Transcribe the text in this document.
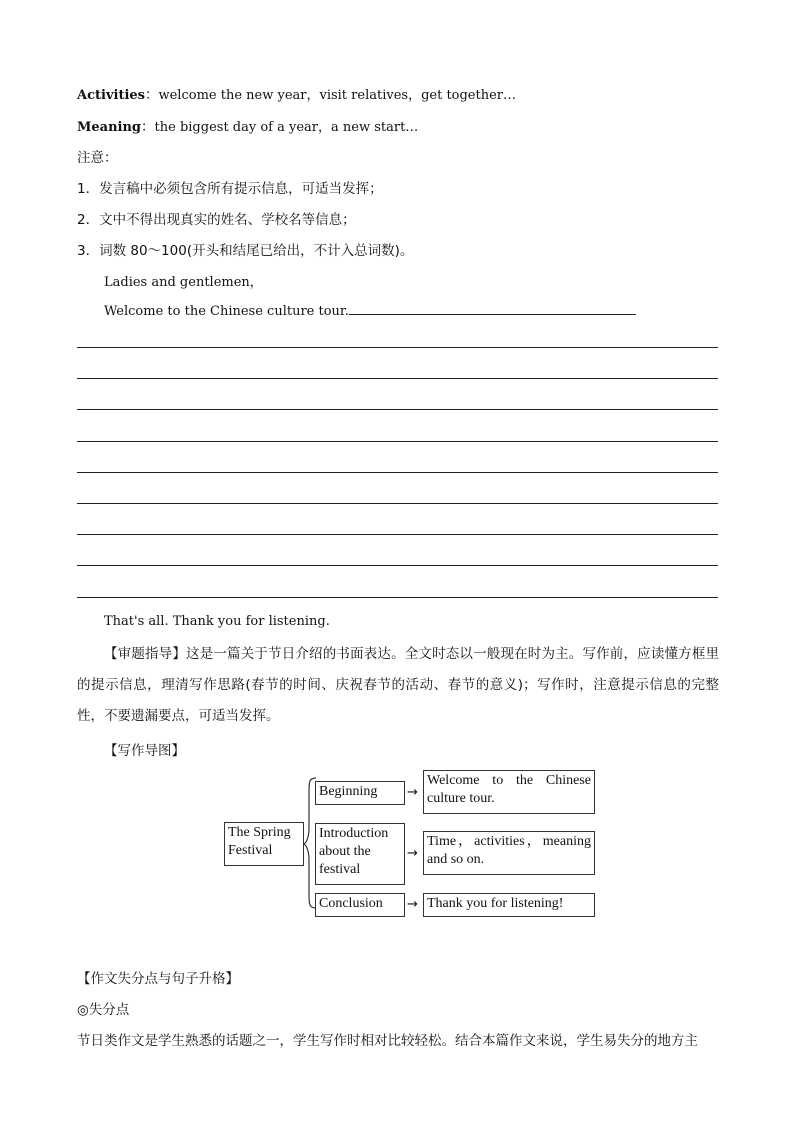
Activities：welcome the new year，visit relatives，get together…
Meaning：the biggest day of a year，a new start…
注意：
1．发言稿中必须包含所有提示信息，可适当发挥；
2．文中不得出现真实的姓名、学校名等信息；
3．词数 80～100(开头和结尾已给出，不计入总词数)。
Ladies and gentlemen，
Welcome to the Chinese culture tour.
That's all. Thank you for listening.
【审题指导】这是一篇关于节日介绍的书面表达。全文时态以一般现在时为主。写作前，应读懂方框里的提示信息，理清写作思路(春节的时间、庆祝春节的活动、春节的意义)；写作时，注意提示信息的完整性，不要遗漏要点，可适当发挥。
【写作导图】
The Spring Festival
Beginning	→
Welcome to the Chinese culture tour.
Introduction about the festival
→
Time，activities，meaning and so on.
Conclusion	→ Thank you for listening!
【作文失分点与句子升格】
◎失分点
节日类作文是学生熟悉的话题之一，学生写作时相对比较轻松。结合本篇作文来说，学生易失分的地方主
